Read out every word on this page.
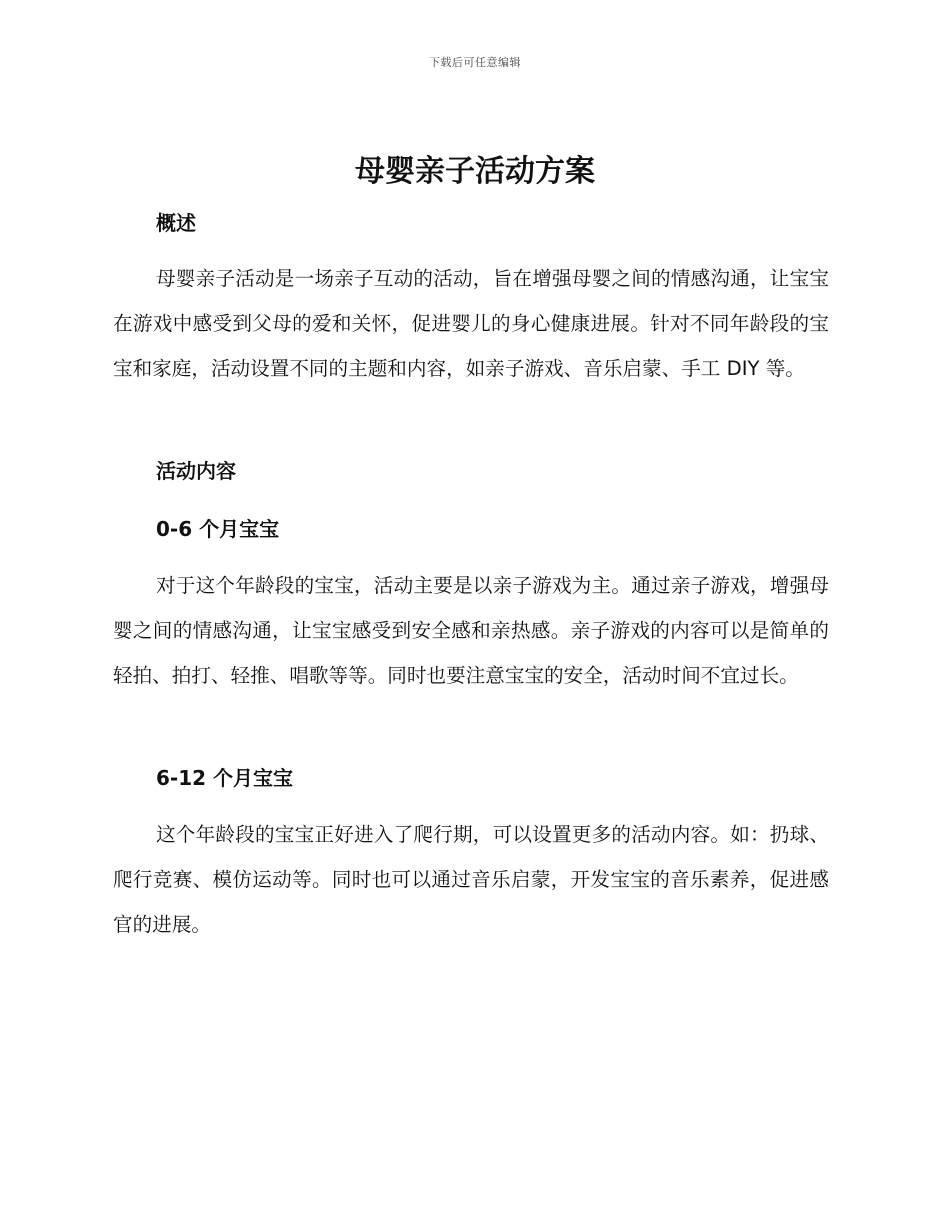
下载后可任意编辑
母婴亲子活动方案
概述

母婴亲子活动是一场亲子互动的活动，旨在增强母婴之间的情感沟通，让宝宝在游戏中感受到父母的爱和关怀，促进婴儿的身心健康进展。针对不同年龄段的宝宝和家庭，活动设置不同的主题和内容，如亲子游戏、音乐启蒙、手工 DIY 等。

活动内容
0-6 个月宝宝

对于这个年龄段的宝宝，活动主要是以亲子游戏为主。通过亲子游戏，增强母婴之间的情感沟通，让宝宝感受到安全感和亲热感。亲子游戏的内容可以是简单的轻拍、拍打、轻推、唱歌等等。同时也要注意宝宝的安全，活动时间不宜过长。

6-12 个月宝宝

这个年龄段的宝宝正好进入了爬行期，可以设置更多的活动内容。如：扔球、爬行竞赛、模仿运动等。同时也可以通过音乐启蒙，开发宝宝的音乐素养，促进感官的进展。
